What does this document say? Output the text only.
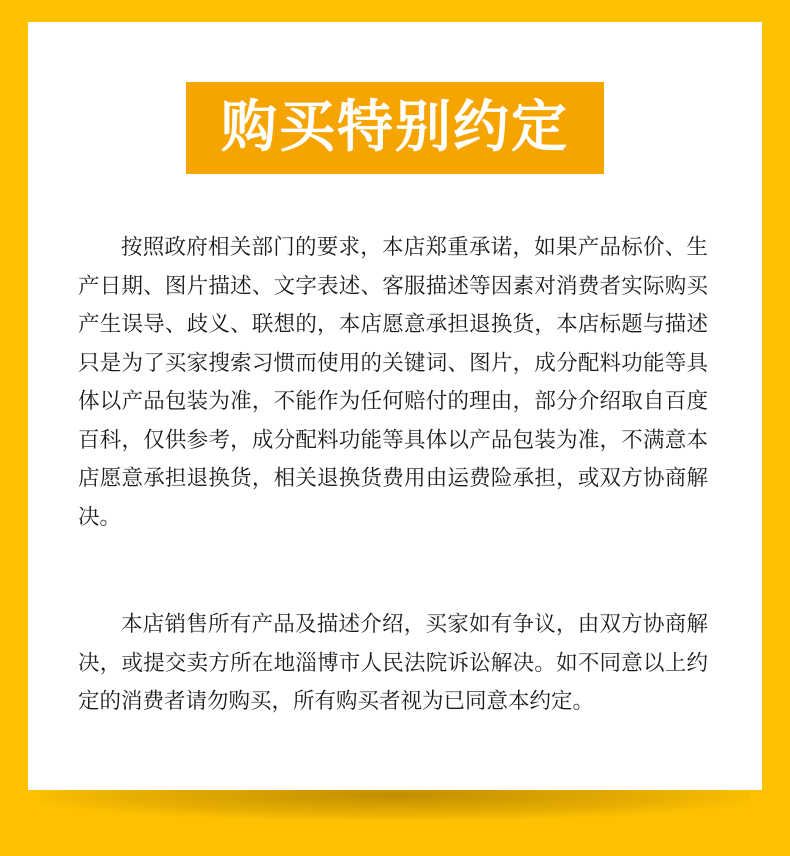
购买特别约定

按照政府相关部门的要求，本店郑重承诺，如果产品标价、生产日期、图片描述、文字表述、客服描述等因素对消费者实际购买产生误导、歧义、联想的，本店愿意承担退换货，本店标题与描述只是为了买家搜索习惯而使用的关键词、图片，成分配料功能等具体以产品包装为准，不能作为任何赔付的理由，部分介绍取自百度百科，仅供参考，成分配料功能等具体以产品包装为准，不满意本店愿意承担退换货，相关退换货费用由运费险承担，或双方协商解决。

本店销售所有产品及描述介绍，买家如有争议，由双方协商解决，或提交卖方所在地淄博市人民法院诉讼解决。如不同意以上约定的消费者请勿购买，所有购买者视为已同意本约定。
